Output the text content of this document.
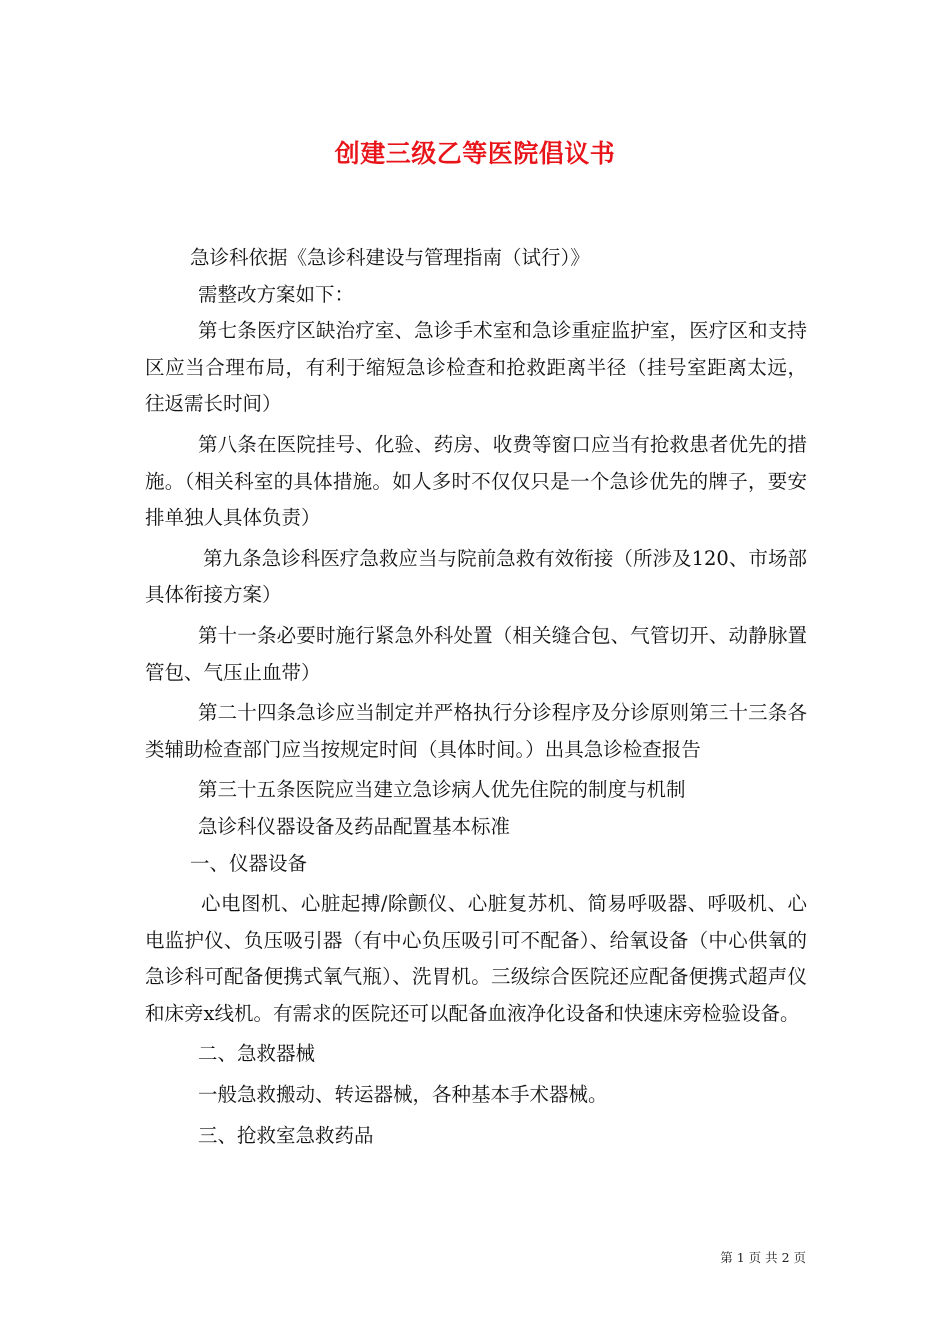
创建三级乙等医院倡议书

急诊科依据《急诊科建设与管理指南（试行）》

需整改方案如下：

第七条医疗区缺治疗室、急诊手术室和急诊重症监护室，医疗区和支持区应当合理布局，有利于缩短急诊检查和抢救距离半径（挂号室距离太远，往返需长时间）

第八条在医院挂号、化验、药房、收费等窗口应当有抢救患者优先的措施。（相关科室的具体措施。如人多时不仅仅只是一个急诊优先的牌子，要安排单独人具体负责）

第九条急诊科医疗急救应当与院前急救有效衔接（所涉及120、市场部具体衔接方案）

第十一条必要时施行紧急外科处置（相关缝合包、气管切开、动静脉置管包、气压止血带）

第二十四条急诊应当制定并严格执行分诊程序及分诊原则第三十三条各类辅助检查部门应当按规定时间（具体时间。）出具急诊检查报告

第三十五条医院应当建立急诊病人优先住院的制度与机制

急诊科仪器设备及药品配置基本标准

一、仪器设备

心电图机、心脏起搏/除颤仪、心脏复苏机、简易呼吸器、呼吸机、心电监护仪、负压吸引器（有中心负压吸引可不配备）、给氧设备（中心供氧的急诊科可配备便携式氧气瓶）、洗胃机。三级综合医院还应配备便携式超声仪和床旁x线机。有需求的医院还可以配备血液净化设备和快速床旁检验设备。

二、急救器械

一般急救搬动、转运器械，各种基本手术器械。

三、抢救室急救药品

第 1 页 共 2 页
